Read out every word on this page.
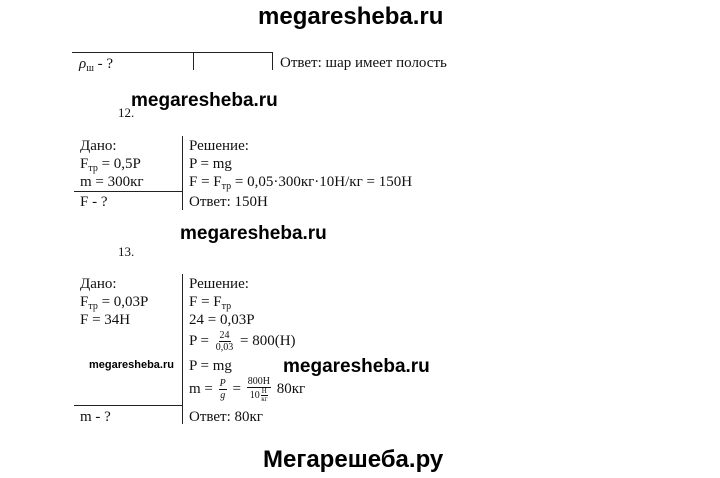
megaresheba.ru
megaresheba.ru
megaresheba.ru
megaresheba.ru	megaresheba.ru
Мегарешеба.ру
$\rho_ш$ - ?	Ответ: шар имеет полость
12.
Дано:
$F_{тр} = 0,5P$
m = 300кг
F - ?
Решение:
P = mg
$F = F_{тр} = 0,05\cdot 300кг\cdot 10Н/кг = 150Н$
Ответ: 150Н
13.
Дано:
$F_{тр} = 0,03P$
F = 34Н
m - ?
Решение:
$F = F_{тр}$
24 = 0,03P
$P = \frac{24}{0,03} = 800(Н)$
P = mg
$m = \frac{P}{g} = 800Н$
10 Н
кг 80кг
Ответ: 80кг
